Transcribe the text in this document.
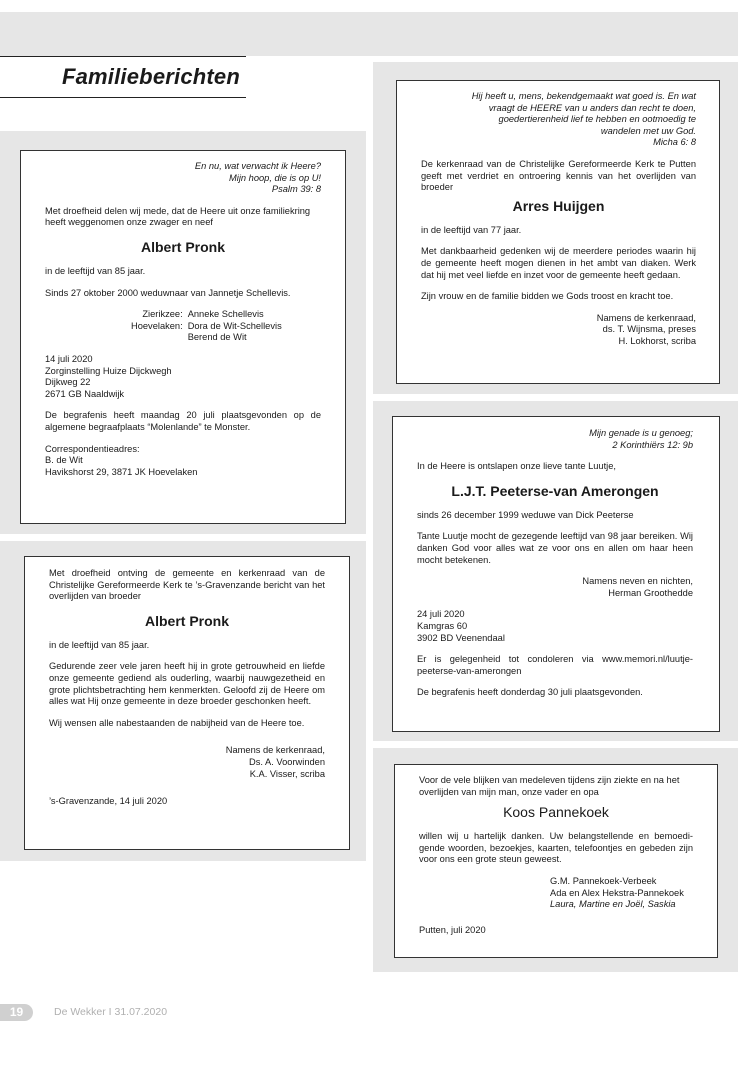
Familieberichten
En nu, wat verwacht ik Heere?
Mijn hoop, die is op U!
Psalm 39: 8

Met droefheid delen wij mede, dat de Heere uit onze familiekring heeft weggenomen onze zwager en neef

Albert Pronk

in de leeftijd van 85 jaar.

Sinds 27 oktober 2000 weduwnaar van Jannetje Schellevis.

Zierikzee:	Anneke Schellevis
Hoevelaken:	Dora de Wit-Schellevis
	Berend de Wit

14 juli 2020
Zorginstelling Huize Dijckwegh
Dijkweg 22
2671 GB Naaldwijk

De begrafenis heeft maandag 20 juli plaatsgevonden op de algemene begraafplaats “Molenlande” te Monster.

Correspondentieadres:
B. de Wit
Havikshorst 29, 3871 JK Hoevelaken

Met droefheid ontving de gemeente en kerkenraad van de Christelijke Gereformeerde Kerk te ’s-Gravenzande bericht van het overlijden van broeder

Albert Pronk

in de leeftijd van 85 jaar.

Gedurende zeer vele jaren heeft hij in grote getrouwheid en liefde onze gemeente gediend als ouderling, waarbij nauwgezetheid en grote plichtsbetrachting hem kenmerkten. Geloofd zij de Heere om alles wat Hij onze gemeente in deze broeder geschonken heeft.

Wij wensen alle nabestaanden de nabijheid van de Heere toe.

Namens de kerkenraad,
Ds. A. Voorwinden
K.A. Visser, scriba

’s-Gravenzande, 14 juli 2020

Hij heeft u, mens, bekendgemaakt wat goed is. En wat
vraagt de HEERE van u anders dan recht te doen,
goedertierenheid lief te hebben en ootmoedig te
wandelen met uw God.
Micha 6: 8

De kerkenraad van de Christelijke Gereformeerde Kerk te Putten geeft met verdriet en ontroering kennis van het overlijden van broeder

Arres Huijgen

in de leeftijd van 77 jaar.

Met dankbaarheid gedenken wij de meerdere periodes waarin hij de gemeente heeft mogen dienen in het ambt van diaken. Werk dat hij met veel liefde en inzet voor de gemeente heeft gedaan.

Zijn vrouw en de familie bidden we Gods troost en kracht toe.

Namens de kerkenraad,
ds. T. Wijnsma, preses
H. Lokhorst, scriba

Mijn genade is u genoeg;
2 Korinthiërs 12: 9b

In de Heere is ontslapen onze lieve tante Luutje,

L.J.T. Peeterse-van Amerongen

sinds 26 december 1999 weduwe van Dick Peeterse

Tante Luutje mocht de gezegende leeftijd van 98 jaar bereiken. Wij danken God voor alles wat ze voor ons en allen om haar heen mocht betekenen.

Namens neven en nichten,
Herman Groothedde

24 juli 2020
Kamgras 60
3902 BD Veenendaal

Er is gelegenheid tot condoleren via www.memori.nl/luutje-peeterse-van-amerongen

De begrafenis heeft donderdag 30 juli plaatsgevonden.

Voor de vele blijken van medeleven tijdens zijn ziekte en na het overlijden van mijn man, onze vader en opa

Koos Pannekoek

willen wij u hartelijk danken. Uw belangstellende en bemoedi-gende woorden, bezoekjes, kaarten, telefoontjes en gebeden zijn voor ons een grote steun geweest.

G.M. Pannekoek-Verbeek
Ada en Alex Hekstra-Pannekoek
Laura, Martine en Joël, Saskia

Putten, juli 2020

19	De Wekker I 31.07.2020
